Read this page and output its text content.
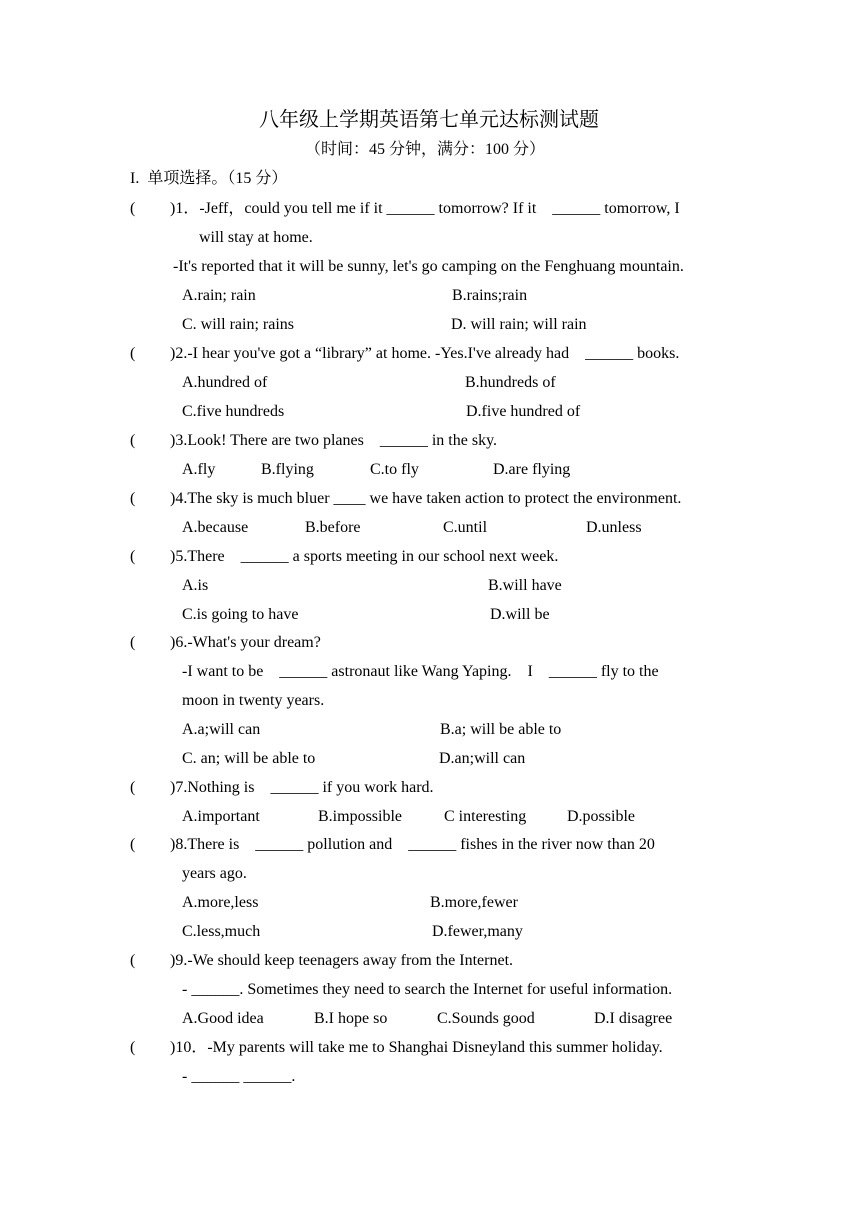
八年级上学期英语第七单元达标测试题
（时间：45 分钟，满分：100 分）
I.  单项选择。（15 分）
( )1．-Jeff，could you tell me if it ______ tomorrow? If it    ______ tomorrow, I
will stay at home.
-It's reported that it will be sunny, let's go camping on the Fenghuang mountain.
A.rain; rain	B.rains;rain
C. will rain; rains	D. will rain; will rain
( )2.-I hear you've got a “library” at home. -Yes.I've already had    ______ books.
A.hundred of	B.hundreds of
C.five hundreds	D.five hundred of
( )3.Look! There are two planes    ______ in the sky.
A.fly	B.flying	C.to fly	D.are flying
( )4.The sky is much bluer ____ we have taken action to protect the environment.
A.because	B.before	C.until	D.unless
( )5.There    ______ a sports meeting in our school next week.
A.is	B.will have
C.is going to have	D.will be
( )6.-What's your dream?
-I want to be    ______ astronaut like Wang Yaping.    I    ______ fly to the
moon in twenty years.
A.a;will can	B.a; will be able to
C. an; will be able to	D.an;will can
( )7.Nothing is    ______ if you work hard.
A.important	B.impossible	C interesting	D.possible
( )8.There is    ______ pollution and    ______ fishes in the river now than 20
years ago.
A.more,less	B.more,fewer
C.less,much	D.fewer,many
( )9.-We should keep teenagers away from the Internet.
- ______. Sometimes they need to search the Internet for useful information.
A.Good idea	B.I hope so	C.Sounds good	D.I disagree
( )10．-My parents will take me to Shanghai Disneyland this summer holiday.
- ______ ______.
